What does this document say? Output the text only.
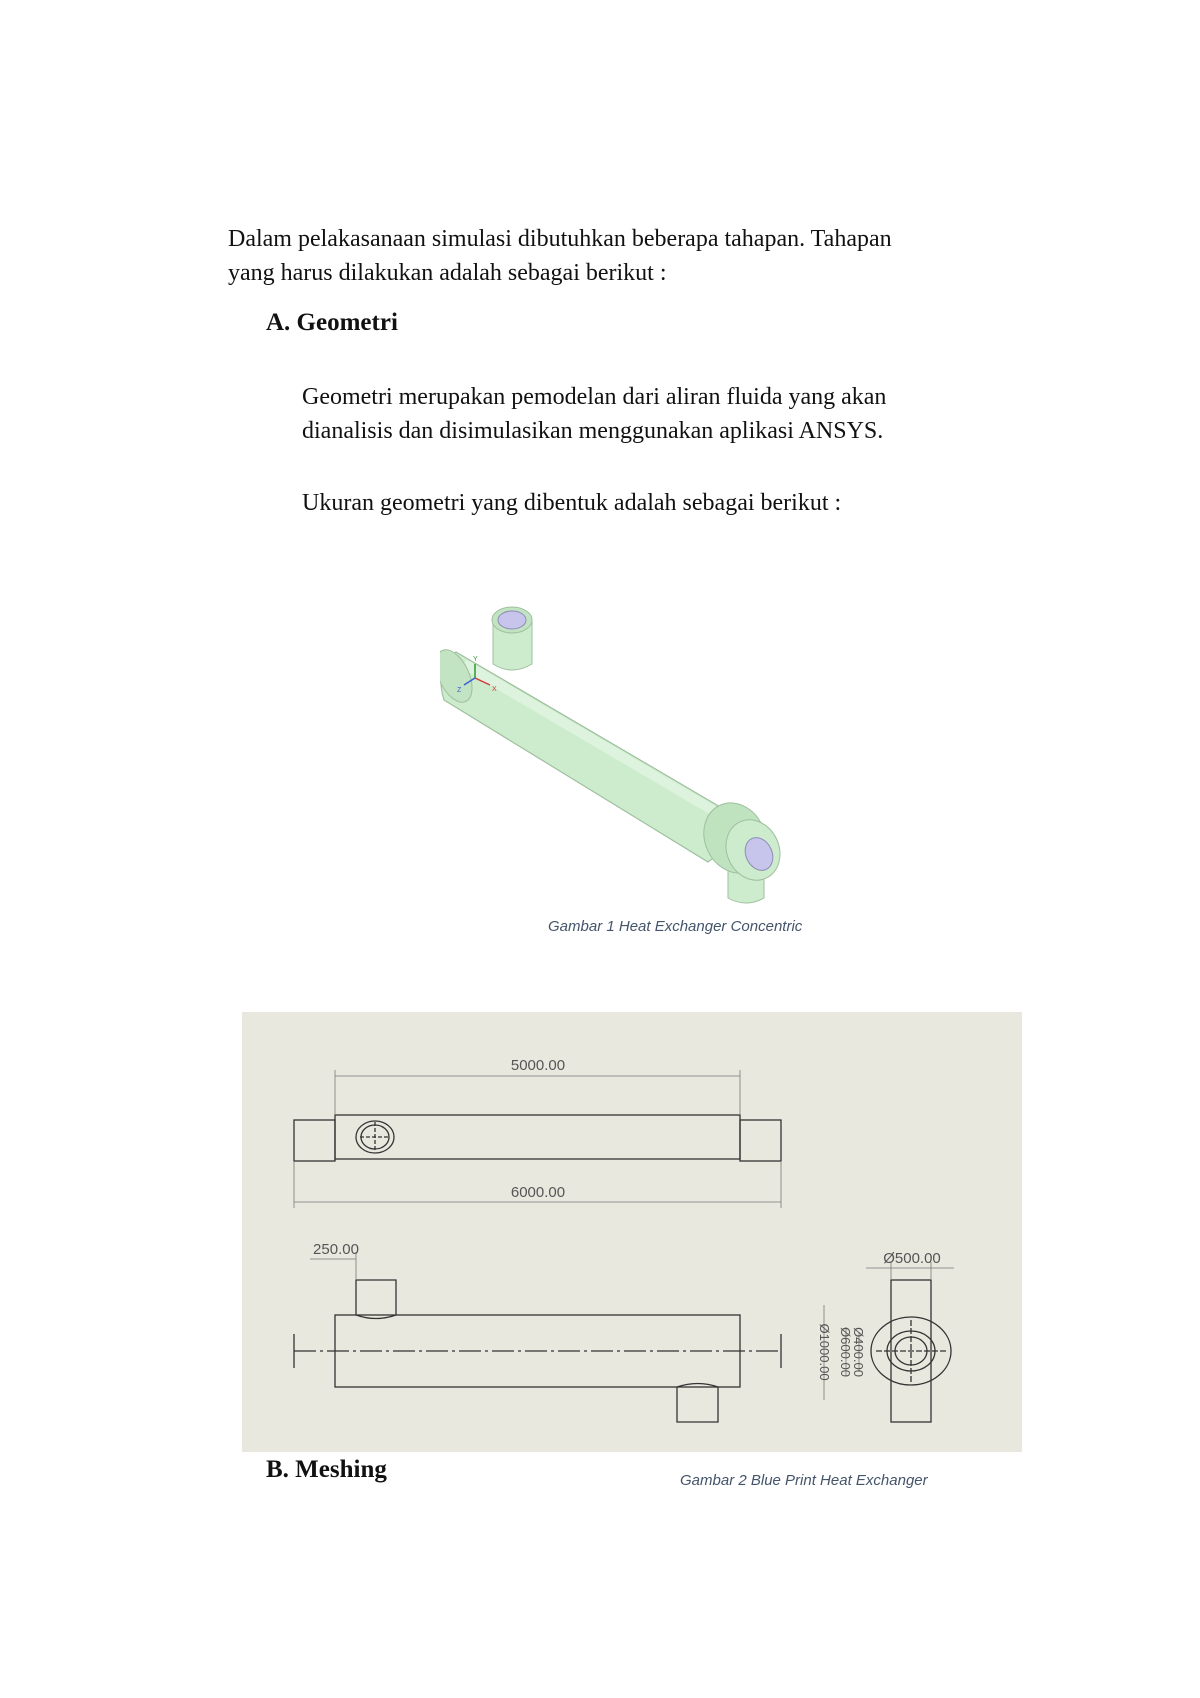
Dalam pelakasanaan simulasi dibutuhkan beberapa tahapan. Tahapan
yang harus dilakukan adalah sebagai berikut :
A. Geometri
Geometri merupakan pemodelan dari aliran fluida yang akan
dianalisis dan disimulasikan menggunakan aplikasi ANSYS.
Ukuran geometri yang dibentuk adalah sebagai berikut :
Z	X
Y
Gambar 1 Heat Exchanger Concentric
5000.00
6000.00
250.00
Ø500.00
Ø1000.00 Ø600.00
Ø400.00
B. Meshing	Gambar 2 Blue Print Heat Exchanger
